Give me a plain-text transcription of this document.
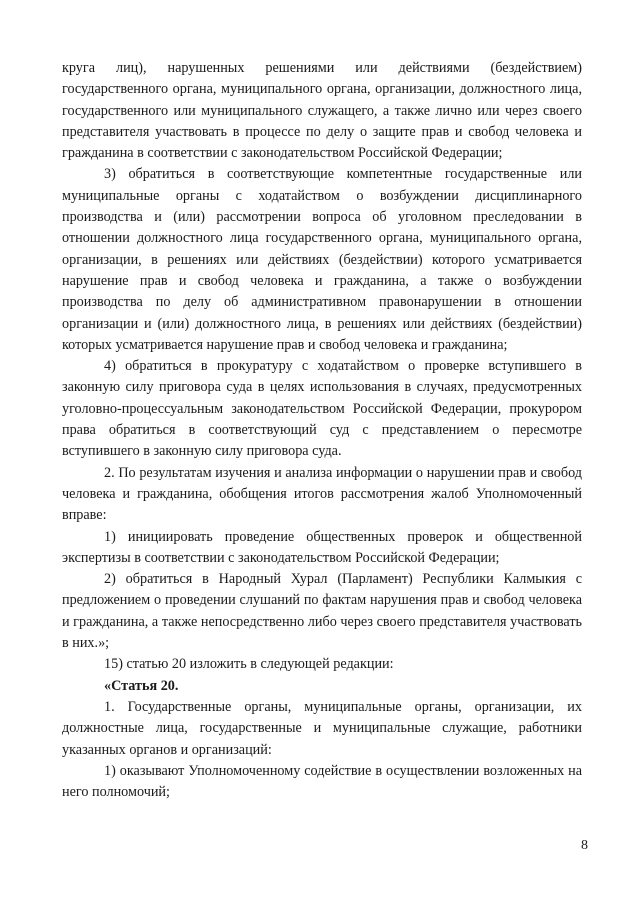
круга лиц), нарушенных решениями или действиями (бездействием) государственного органа, муниципального органа, организации, должностного лица, государственного или муниципального служащего, а также лично или через своего представителя участвовать в процессе по делу о защите прав и свобод человека и гражданина в соответствии с законодательством Российской Федерации;

3) обратиться в соответствующие компетентные государственные или муниципальные органы с ходатайством о возбуждении дисциплинарного производства и (или) рассмотрении вопроса об уголовном преследовании в отношении должностного лица государственного органа, муниципального органа, организации, в решениях или действиях (бездействии) которого усматривается нарушение прав и свобод человека и гражданина, а также о возбуждении производства по делу об административном правонарушении в отношении организации и (или) должностного лица, в решениях или действиях (бездействии) которых усматривается нарушение прав и свобод человека и гражданина;

4) обратиться в прокуратуру с ходатайством о проверке вступившего в законную силу приговора суда в целях использования в случаях, предусмотренных уголовно-процессуальным законодательством Российской Федерации, прокурором права обратиться в соответствующий суд с представлением о пересмотре вступившего в законную силу приговора суда.

2. По результатам изучения и анализа информации о нарушении прав и свобод человека и гражданина, обобщения итогов рассмотрения жалоб Уполномоченный вправе:

1) инициировать проведение общественных проверок и общественной экспертизы в соответствии с законодательством Российской Федерации;

2) обратиться в Народный Хурал (Парламент) Республики Калмыкия с предложением о проведении слушаний по фактам нарушения прав и свобод человека и гражданина, а также непосредственно либо через своего представителя участвовать в них.»;

15) статью 20 изложить в следующей редакции:

«Статья 20.

1. Государственные органы, муниципальные органы, организации, их должностные лица, государственные и муниципальные служащие, работники указанных органов и организаций:

1) оказывают Уполномоченному содействие в осуществлении возложенных на него полномочий;

8
